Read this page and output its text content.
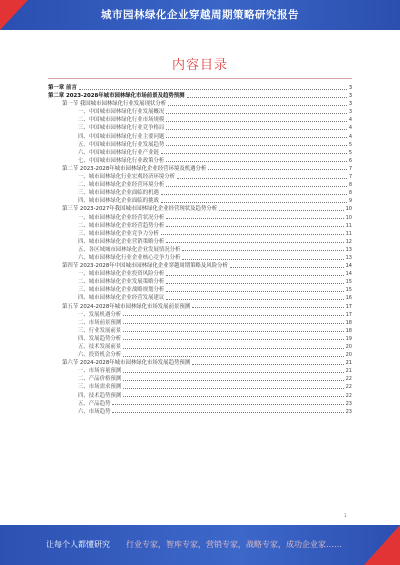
城市园林绿化企业穿越周期策略研究报告
内容目录
第一章 前言	3
第二章 2023-2028年城市园林绿化市场前景及趋势预测	3
第一节 我国城市园林绿化行业发展现状分析	3
一、中国城市园林绿化行业发展概况	3
二、中国城市园林绿化行业市场规模	4
三、中国城市园林绿化行业竞争格局	4
四、中国城市园林绿化行业主要问题	4
五、中国城市园林绿化行业发展趋势	5
六、中国城市园林绿化行业产业链	5
七、中国城市园林绿化行业政策分析	6
第二节 2023-2028年城市园林绿化企业经营环境及机遇分析	7
一、城市园林绿化行业宏观经济环境分析	7
二、城市园林绿化企业经营环境分析	8
三、城市园林绿化企业面临的机遇	8
四、城市园林绿化企业面临的挑战	9
第三节 2023-2027年我国城市园林绿化企业经营现状及趋势分析	10
一、城市园林绿化企业经营状况分析	10
二、城市园林绿化企业经营趋势分析	11
三、城市园林绿化企业竞争力分析	11
四、城市园林绿化企业营销策略分析	12
五、各区域城市园林绿化企业发展情况分析	13
六、城市园林绿化行业企业核心竞争力分析	13
第四节 2023-2028年中国城市园林绿化企业穿越周期策略及风险分析	14
一、城市园林绿化企业投资风险分析	14
二、城市园林绿化企业发展策略分析	15
三、城市园林绿化企业战略规划分析	15
四、城市园林绿化企业经营发展建议	16
第五节 2024-2028年城市园林绿化市场发展前景预测	17
一、发展机遇分析	17
二、市场前景预测	18
三、行业发展前景	18
四、发展趋势分析	19
五、技术发展前景	20
六、投资机会分析	20
第六节 2024-2028年城市园林绿化市场发展趋势预测	21
一、市场容量预测	21
二、产品价格预测	22
三、市场需求预测	22
四、技术趋势预测	22
五、产品趋势	23
六、市场趋势	23
1
让每个人都懂研究 行业专家，智库专家，营销专家，战略专家，成功企业家……
